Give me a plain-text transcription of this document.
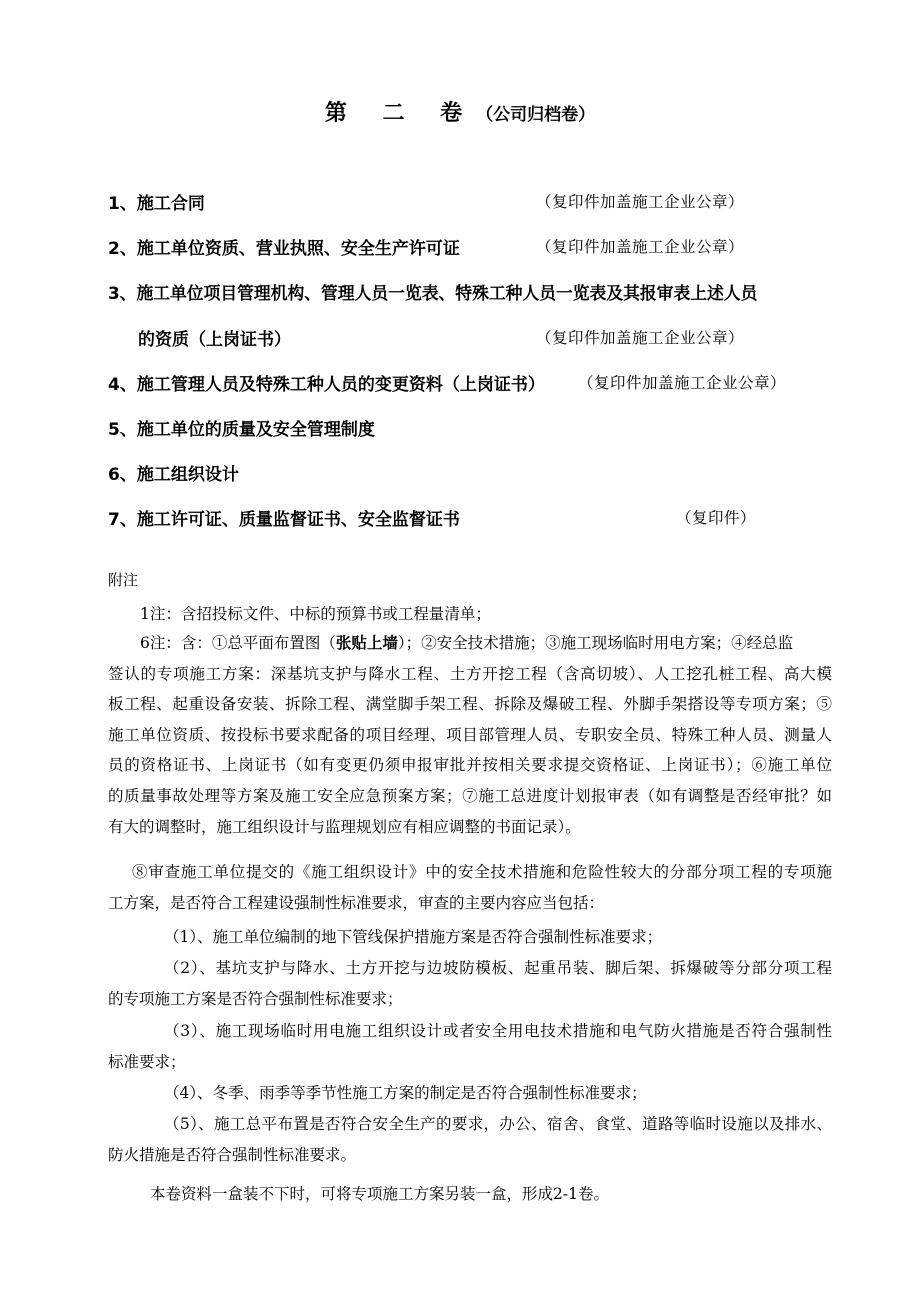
第 二 卷（公司归档卷）
1、施工合同	（复印件加盖施工企业公章）
2、施工单位资质、营业执照、安全生产许可证	（复印件加盖施工企业公章）
3、施工单位项目管理机构、管理人员一览表、特殊工种人员一览表及其报审表上述人员
的资质（上岗证书）	（复印件加盖施工企业公章）
4、施工管理人员及特殊工种人员的变更资料（上岗证书） （复印件加盖施工企业公章）
5、施工单位的质量及安全管理制度
6、施工组织设计
7、施工许可证、质量监督证书、安全监督证书	（复印件）
附注
1注：含招投标文件、中标的预算书或工程量清单；
6注：含：①总平面布置图（张贴上墙）；②安全技术措施；③施工现场临时用电方案；④经总监
签认的专项施工方案：深基坑支护与降水工程、土方开挖工程（含高切坡）、人工挖孔桩工程、高大模
板工程、起重设备安装、拆除工程、满堂脚手架工程、拆除及爆破工程、外脚手架搭设等专项方案；⑤
施工单位资质、按投标书要求配备的项目经理、项目部管理人员、专职安全员、特殊工种人员、测量人
员的资格证书、上岗证书（如有变更仍须申报审批并按相关要求提交资格证、上岗证书）；⑥施工单位
的质量事故处理等方案及施工安全应急预案方案；⑦施工总进度计划报审表（如有调整是否经审批？如
有大的调整时，施工组织设计与监理规划应有相应调整的书面记录）。
⑧审查施工单位提交的《施工组织设计》中的安全技术措施和危险性较大的分部分项工程的专项施
工方案，是否符合工程建设强制性标准要求，审查的主要内容应当包括：
（1）、施工单位编制的地下管线保护措施方案是否符合强制性标准要求；
（2）、基坑支护与降水、土方开挖与边坡防模板、起重吊装、脚后架、拆爆破等分部分项工程
的专项施工方案是否符合强制性标准要求；
（3）、施工现场临时用电施工组织设计或者安全用电技术措施和电气防火措施是否符合强制性
标准要求；
（4）、冬季、雨季等季节性施工方案的制定是否符合强制性标准要求；
（5）、施工总平布置是否符合安全生产的要求，办公、宿舍、食堂、道路等临时设施以及排水、
防火措施是否符合强制性标准要求。
本卷资料一盒装不下时，可将专项施工方案另装一盒，形成2-1卷。
